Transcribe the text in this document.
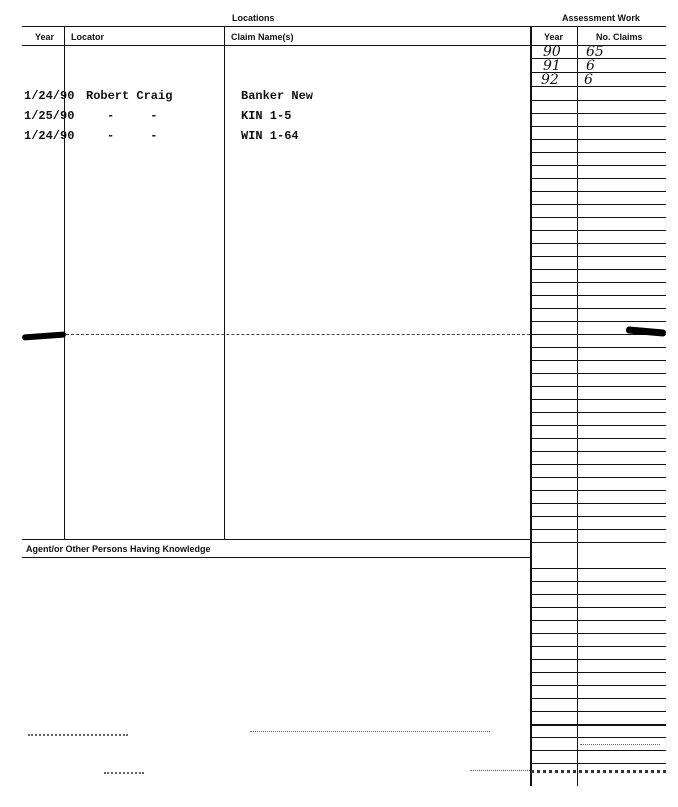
Locations	Assessment Work
Year Locator	Claim Name(s)	Year	No. Claims
Agent/or Other Persons Having Knowledge
1/24/90 Robert Craig	Banker New
1/25/90	-     -	KIN 1-5
1/24/90	-     -	WIN 1-64
90 65
91 6
92 6
